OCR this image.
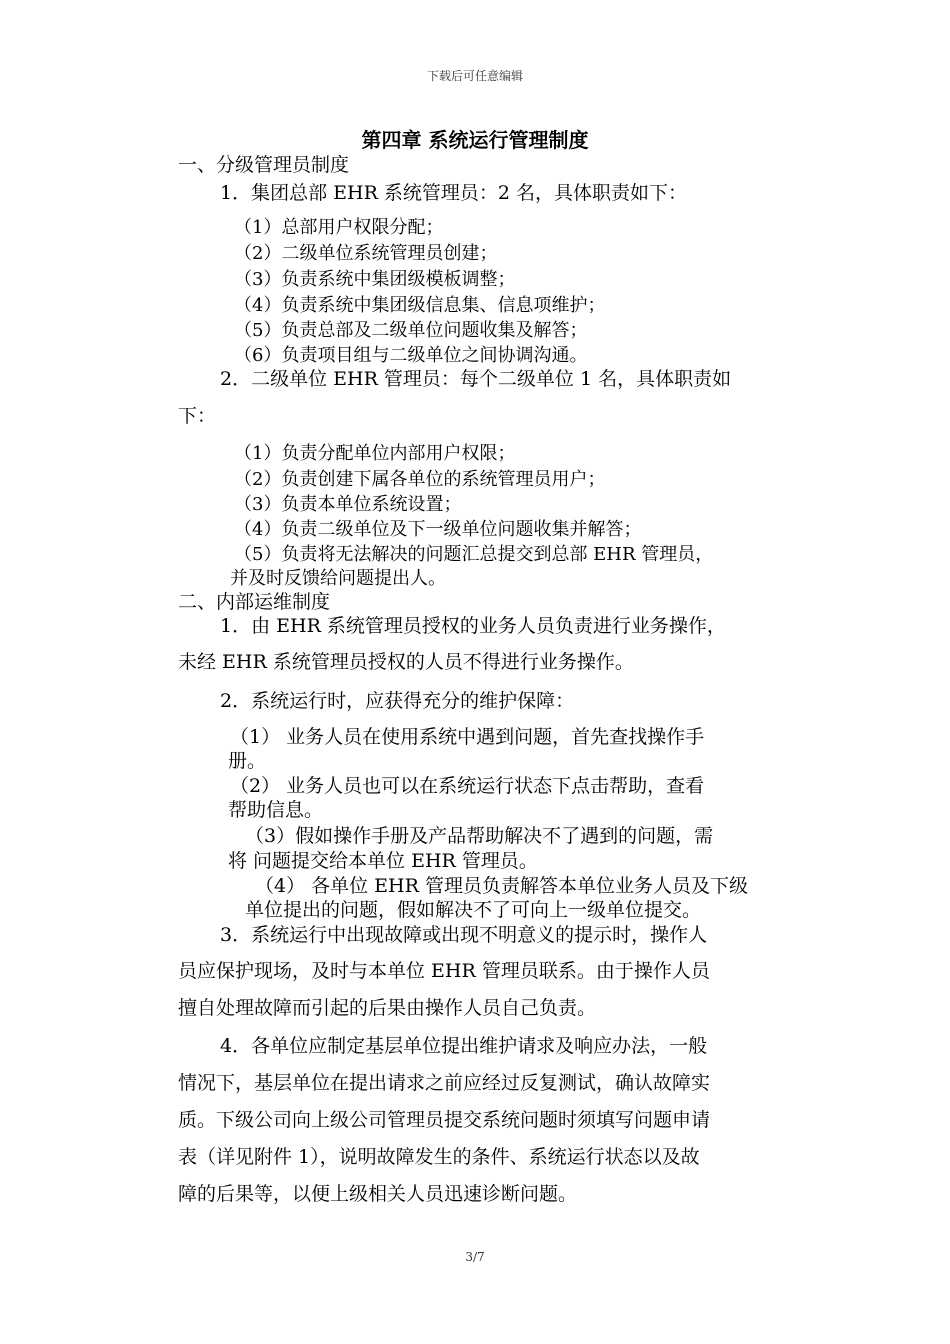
下载后可任意编辑
第四章 系统运行管理制度
一、分级管理员制度
1．集团总部 EHR 系统管理员：2 名，具体职责如下：
（1）总部用户权限分配；
（2）二级单位系统管理员创建；
（3）负责系统中集团级模板调整；
（4）负责系统中集团级信息集、信息项维护；
（5）负责总部及二级单位问题收集及解答；
（6）负责项目组与二级单位之间协调沟通。
2．二级单位 EHR 管理员：每个二级单位 1 名，具体职责如
下：
（1）负责分配单位内部用户权限；
（2）负责创建下属各单位的系统管理员用户；
（3）负责本单位系统设置；
（4）负责二级单位及下一级单位问题收集并解答；
（5）负责将无法解决的问题汇总提交到总部 EHR 管理员，
并及时反馈给问题提出人。
二、内部运维制度
1．由 EHR 系统管理员授权的业务人员负责进行业务操作，
未经 EHR 系统管理员授权的人员不得进行业务操作。
2．系统运行时，应获得充分的维护保障：
（1） 业务人员在使用系统中遇到问题，首先查找操作手
册。
（2） 业务人员也可以在系统运行状态下点击帮助，查看
帮助信息。
（3）假如操作手册及产品帮助解决不了遇到的问题，需
将 问题提交给本单位 EHR 管理员。
（4） 各单位 EHR 管理员负责解答本单位业务人员及下级
单位提出的问题，假如解决不了可向上一级单位提交。
3．系统运行中出现故障或出现不明意义的提示时，操作人
员应保护现场，及时与本单位 EHR 管理员联系。由于操作人员
擅自处理故障而引起的后果由操作人员自己负责。
4．各单位应制定基层单位提出维护请求及响应办法，一般
情况下，基层单位在提出请求之前应经过反复测试，确认故障实
质。下级公司向上级公司管理员提交系统问题时须填写问题申请
表（详见附件 1），说明故障发生的条件、系统运行状态以及故
障的后果等，以便上级相关人员迅速诊断问题。
3/7
